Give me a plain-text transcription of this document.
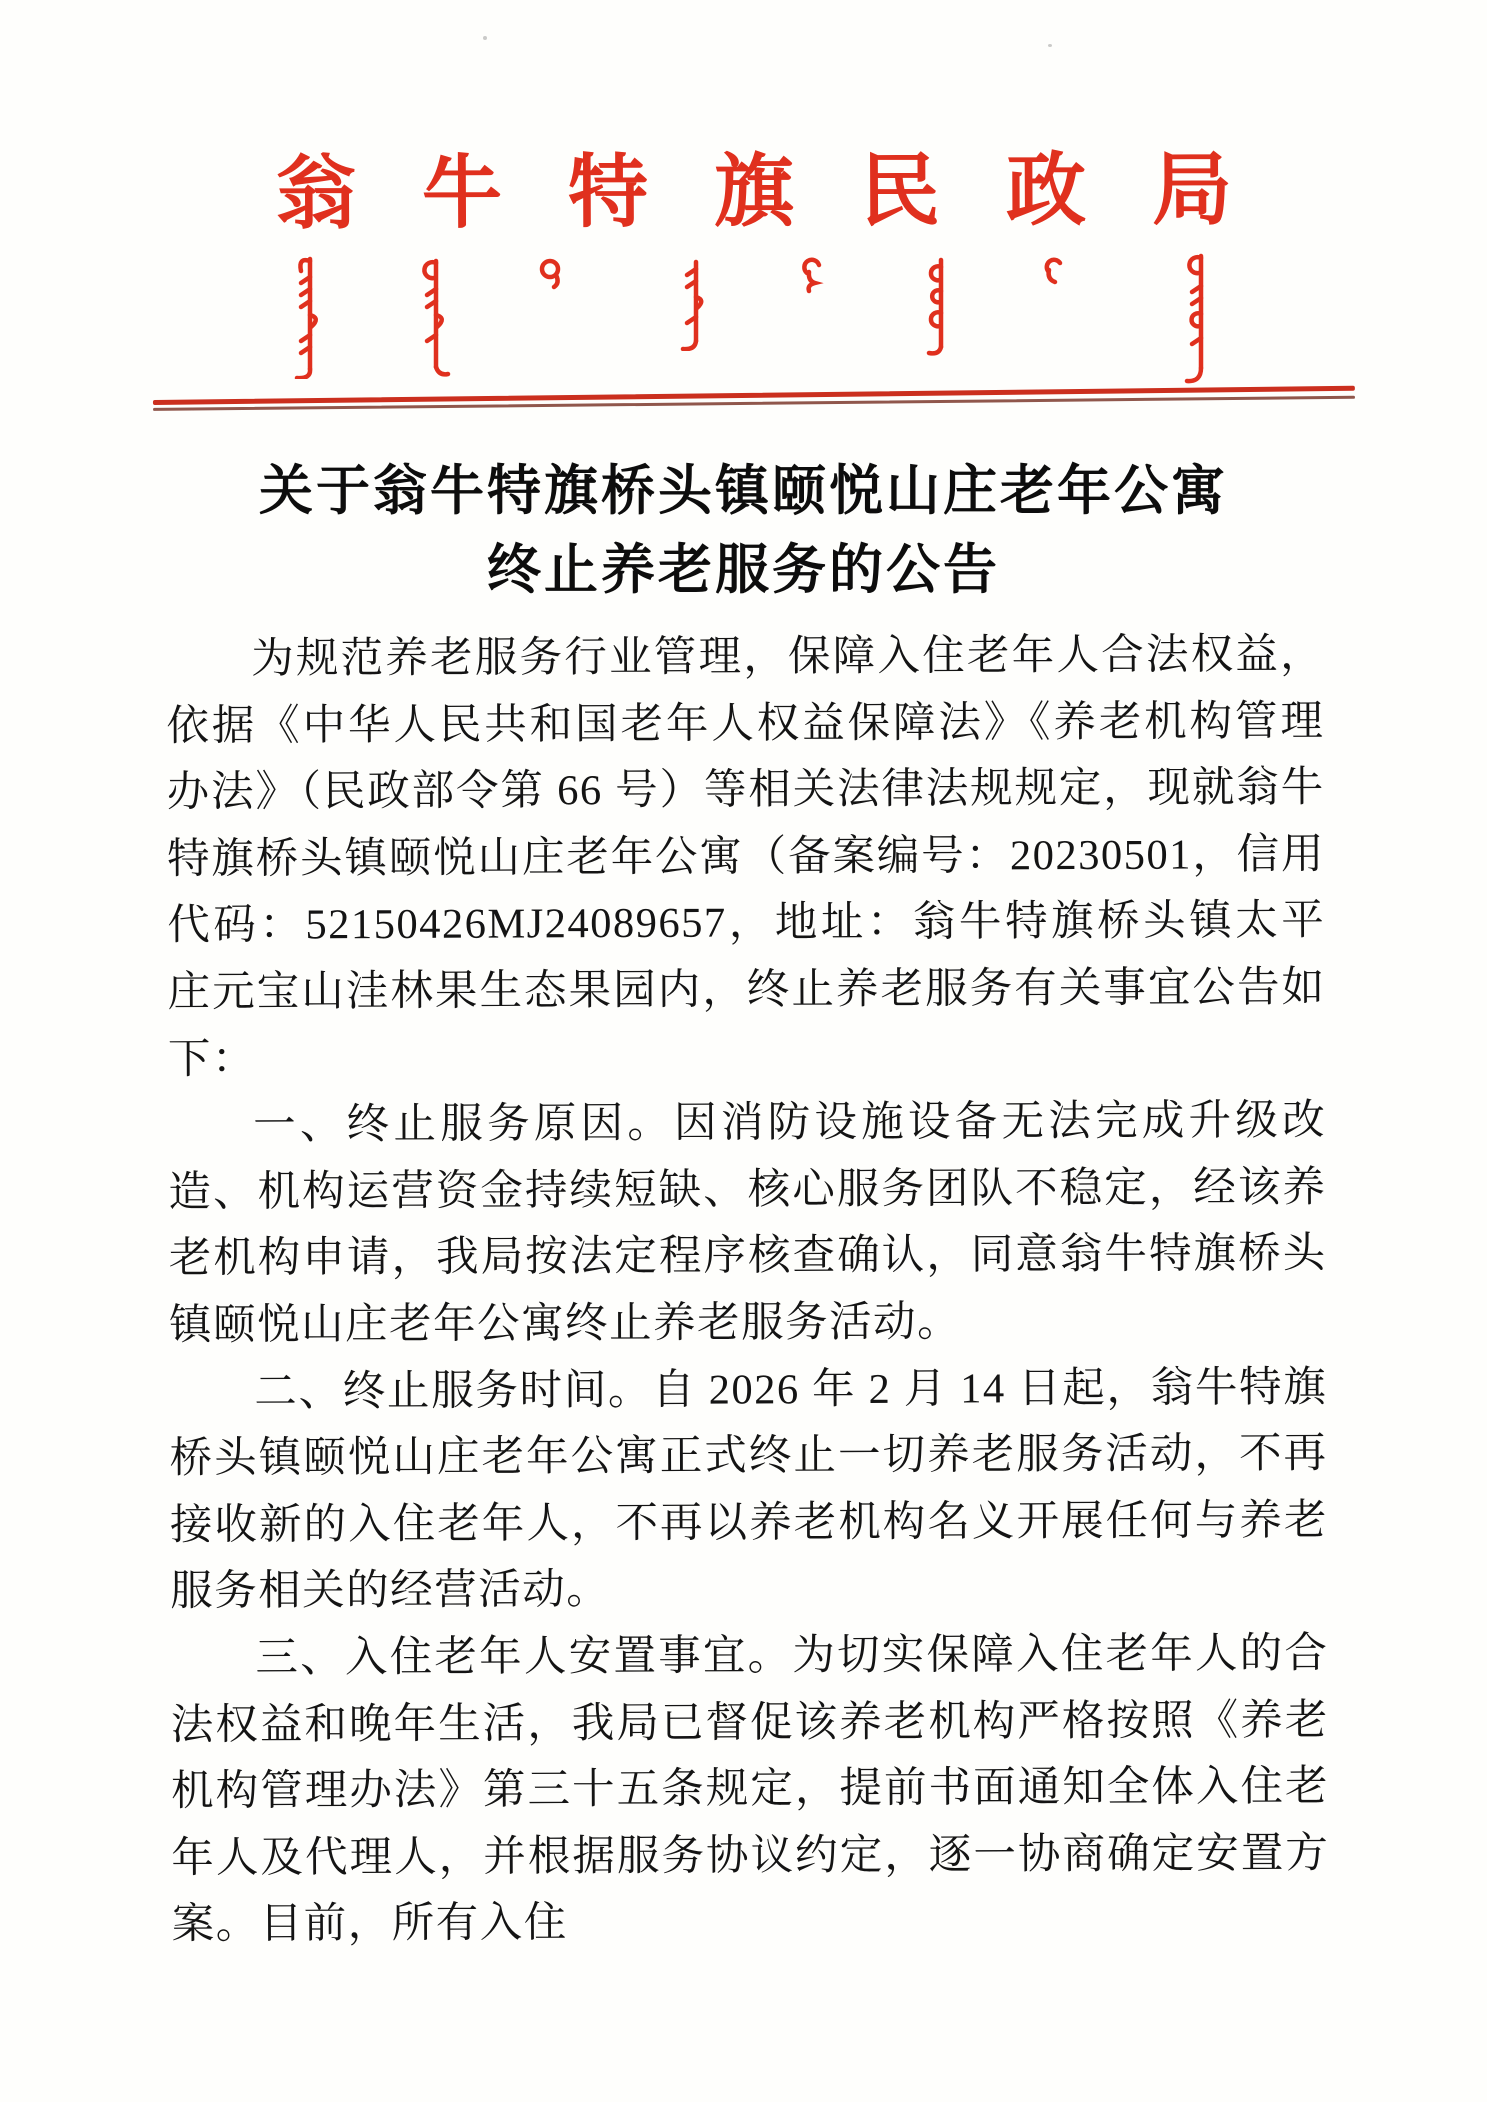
翁 牛 特 旗 民 政 局
关于翁牛特旗桥头镇颐悦山庄老年公寓
终止养老服务的公告

为规范养老服务行业管理，保障入住老年人合法权益，依据《中华人民共和国老年人权益保障法》《养老机构管理办法》（民政部令第 66 号）等相关法律法规规定，现就翁牛特旗桥头镇颐悦山庄老年公寓（备案编号：20230501，信用代码：52150426MJ24089657，地址：翁牛特旗桥头镇太平庄元宝山洼林果生态果园内，终止养老服务有关事宜公告如下：

一、终止服务原因。因消防设施设备无法完成升级改造、机构运营资金持续短缺、核心服务团队不稳定，经该养老机构申请，我局按法定程序核查确认，同意翁牛特旗桥头镇颐悦山庄老年公寓终止养老服务活动。

二、终止服务时间。自 2026 年 2 月 14 日起，翁牛特旗桥头镇颐悦山庄老年公寓正式终止一切养老服务活动，不再接收新的入住老年人，不再以养老机构名义开展任何与养老服务相关的经营活动。

三、入住老年人安置事宜。为切实保障入住老年人的合法权益和晚年生活，我局已督促该养老机构严格按照《养老机构管理办法》第三十五条规定，提前书面通知全体入住老年人及代理人，并根据服务协议约定，逐一协商确定安置方案。目前，所有入住
